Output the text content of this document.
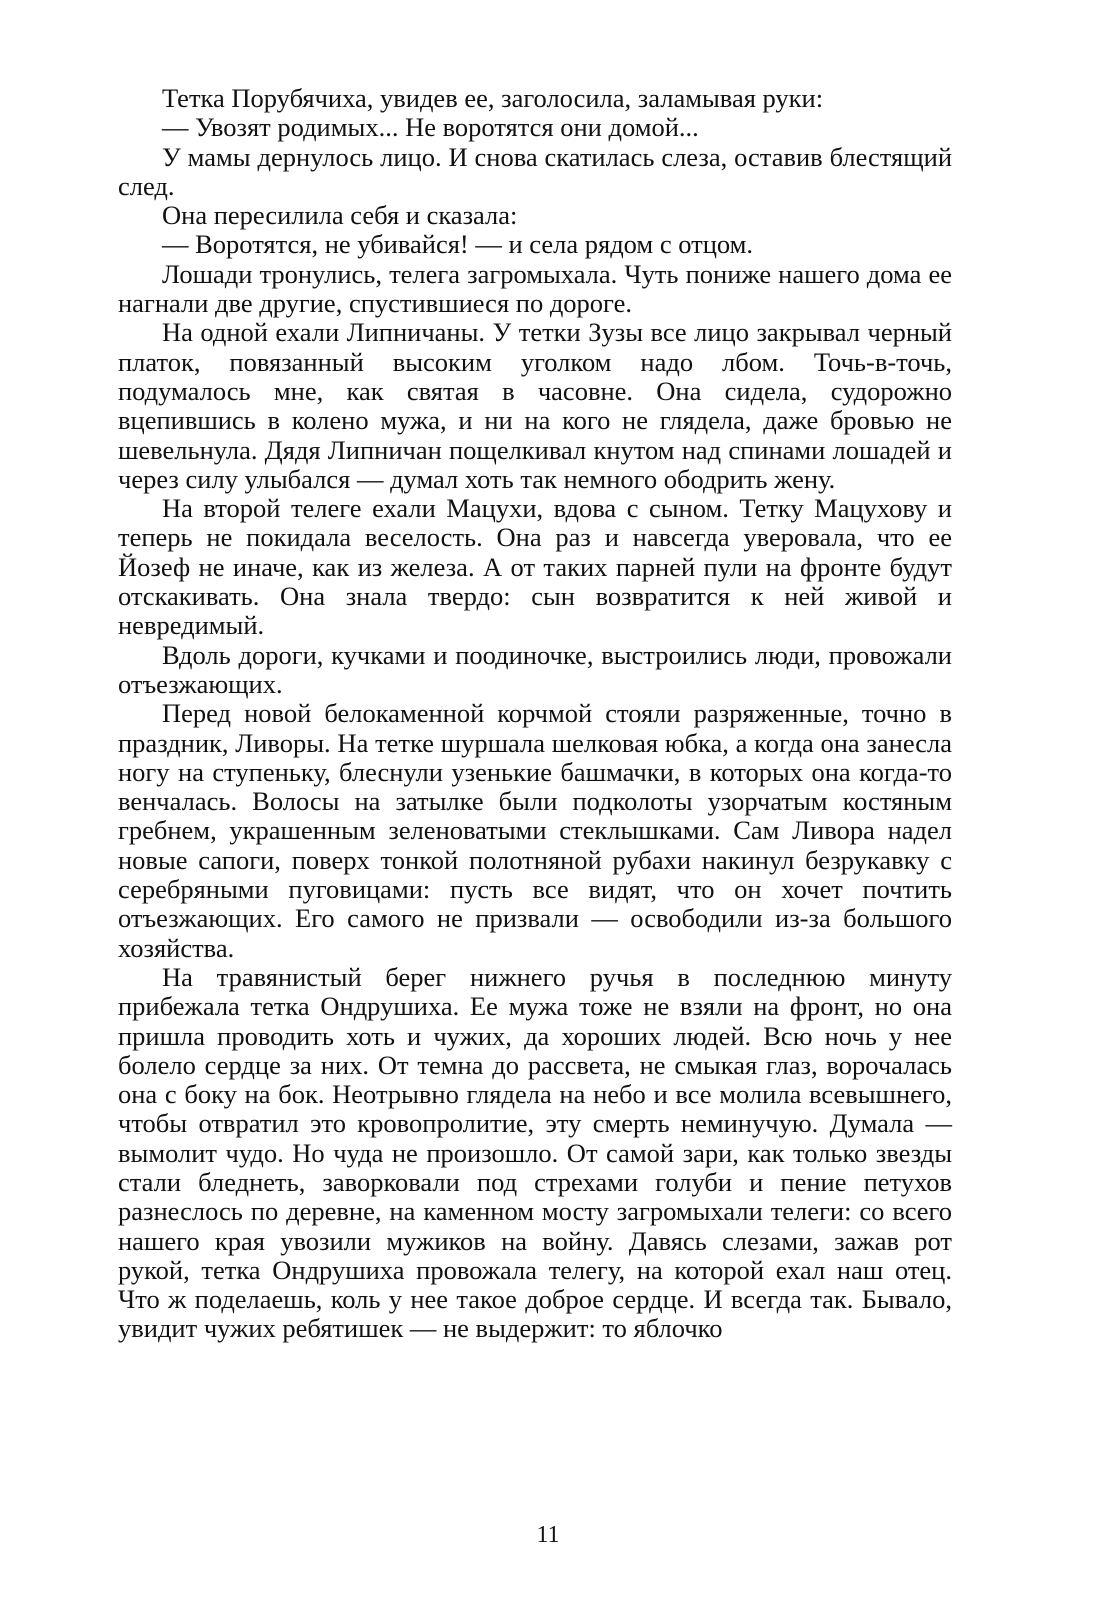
Тетка Порубячиха, увидев ее, заголосила, заламывая руки:

— Увозят родимых... Не воротятся они домой...

У мамы дернулось лицо. И снова скатилась слеза, оставив блестящий след.

Она пересилила себя и сказала:

— Воротятся, не убивайся! — и села рядом с отцом.

Лошади тронулись, телега загромыхала. Чуть пониже нашего дома ее нагнали две другие, спустившиеся по дороге.

На одной ехали Липничаны. У тетки Зузы все лицо закрывал черный платок, повязанный высоким уголком надо лбом. Точь-в-точь, подумалось мне, как святая в часовне. Она сидела, судорожно вцепившись в колено мужа, и ни на кого не глядела, даже бровью не шевельнула. Дядя Липничан пощелкивал кнутом над спинами лошадей и через силу улыбался — думал хоть так немного ободрить жену.

На второй телеге ехали Мацухи, вдова с сыном. Тетку Мацухову и теперь не покидала веселость. Она раз и навсегда уверовала, что ее Йозеф не иначе, как из железа. А от таких парней пули на фронте будут отскакивать. Она знала твердо: сын возвратится к ней живой и невредимый.

Вдоль дороги, кучками и поодиночке, выстроились люди, провожали отъезжающих.

Перед новой белокаменной корчмой стояли разряженные, точно в праздник, Ливоры. На тетке шуршала шелковая юбка, а когда она занесла ногу на ступеньку, блеснули узенькие башмачки, в которых она когда-то венчалась. Волосы на затылке были подколоты узорчатым костяным гребнем, украшенным зеленоватыми стеклышками. Сам Ливора надел новые сапоги, поверх тонкой полотняной рубахи накинул безрукавку с серебряными пуговицами: пусть все видят, что он хочет почтить отъезжающих. Его самого не призвали — освободили из-за большого хозяйства.

На травянистый берег нижнего ручья в последнюю минуту прибежала тетка Ондрушиха. Ее мужа тоже не взяли на фронт, но она пришла проводить хоть и чужих, да хороших людей. Всю ночь у нее болело сердце за них. От темна до рассвета, не смыкая глаз, ворочалась она с боку на бок. Неотрывно глядела на небо и все молила всевышнего, чтобы отвратил это кровопролитие, эту смерть неминучую. Думала — вымолит чудо. Но чуда не произошло. От самой зари, как только звезды стали бледнеть, заворковали под стрехами голуби и пение петухов разнеслось по деревне, на каменном мосту загромыхали телеги: со всего нашего края увозили мужиков на войну. Давясь слезами, зажав рот рукой, тетка Ондрушиха провожала телегу, на которой ехал наш отец. Что ж поделаешь, коль у нее такое доброе сердце. И всегда так. Бывало, увидит чужих ребятишек — не выдержит: то яблочко

11
